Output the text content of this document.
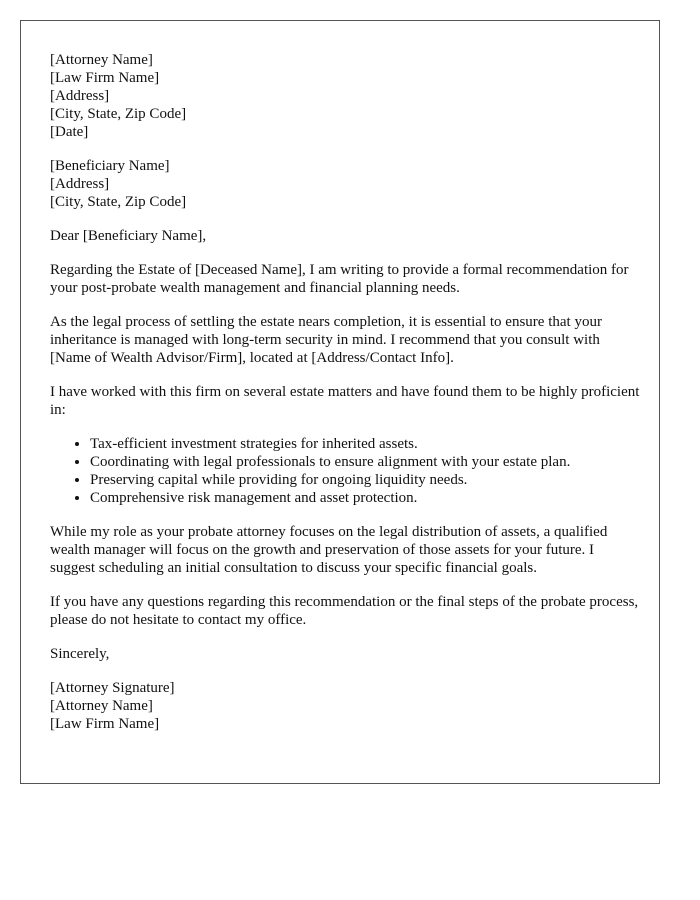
[Attorney Name]
[Law Firm Name]
[Address]
[City, State, Zip Code]
[Date]
[Beneficiary Name]
[Address]
[City, State, Zip Code]

Dear [Beneficiary Name],

Regarding the Estate of [Deceased Name], I am writing to provide a formal recommendation for your post-probate wealth management and financial planning needs.

As the legal process of settling the estate nears completion, it is essential to ensure that your inheritance is managed with long-term security in mind. I recommend that you consult with [Name of Wealth Advisor/Firm], located at [Address/Contact Info].

I have worked with this firm on several estate matters and have found them to be highly proficient in:

• Tax-efficient investment strategies for inherited assets.
• Coordinating with legal professionals to ensure alignment with your estate plan.
• Preserving capital while providing for ongoing liquidity needs.
• Comprehensive risk management and asset protection.

While my role as your probate attorney focuses on the legal distribution of assets, a qualified wealth manager will focus on the growth and preservation of those assets for your future. I suggest scheduling an initial consultation to discuss your specific financial goals.

If you have any questions regarding this recommendation or the final steps of the probate process, please do not hesitate to contact my office.

Sincerely,

[Attorney Signature]
[Attorney Name]
[Law Firm Name]
